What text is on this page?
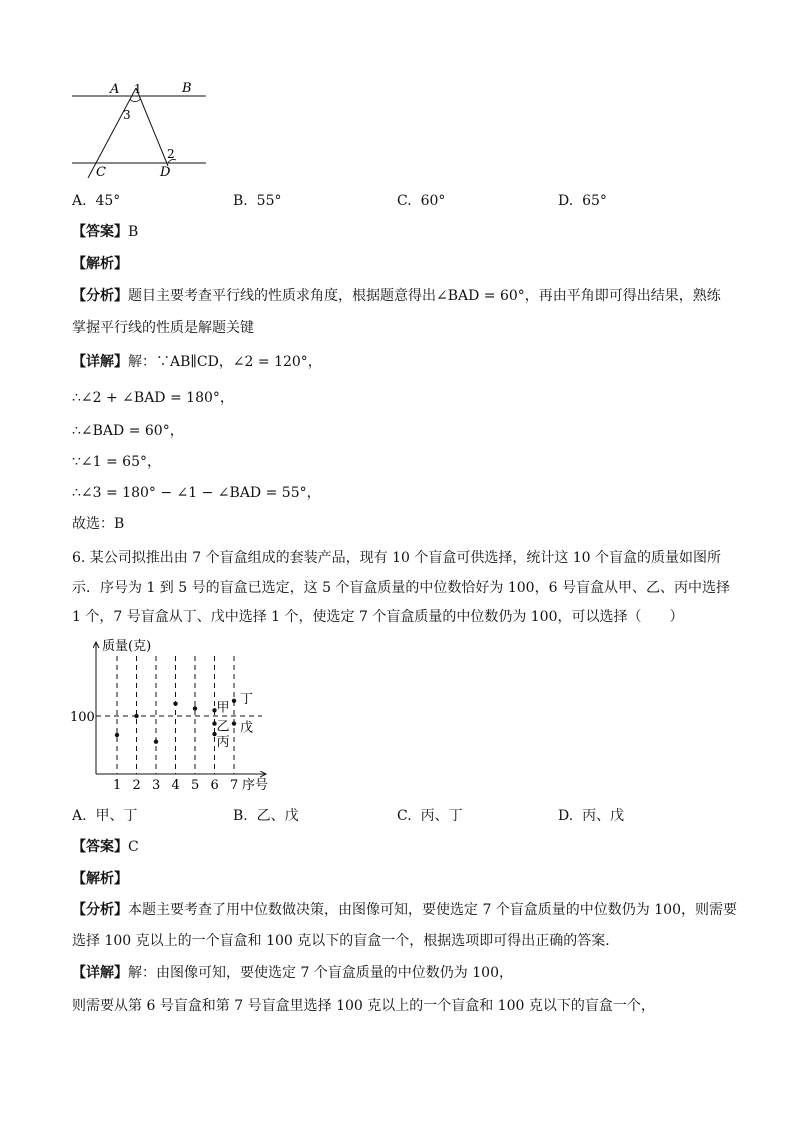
A 1	B
3
2
C	D
A. 45°	B. 55°	C. 60°	D. 65°
【答案】B
【解析】
【分析】题目主要考查平行线的性质求角度，根据题意得出∠BAD = 60°，再由平角即可得出结果，熟练
掌握平行线的性质是解题关键
【详解】解：∵AB∥CD，∠2 = 120°，
∴∠2 + ∠BAD = 180°，
∴∠BAD = 60°，
∵∠1 = 65°，
∴∠3 = 180° − ∠1 − ∠BAD = 55°，
故选：B
6. 某公司拟推出由 7 个盲盒组成的套装产品，现有 10 个盲盒可供选择，统计这 10 个盲盒的质量如图所
示．序号为 1 到 5 号的盲盒已选定，这 5 个盲盒质量的中位数恰好为 100，6 号盲盒从甲、乙、丙中选择
1 个，7 号盲盒从丁、戊中选择 1 个，使选定 7 个盲盒质量的中位数仍为 100，可以选择（　　）
质量(克)
序号
1 2 3 4 5 6 7
100
甲
乙
丙
丁
戊
A. 甲、丁	B. 乙、戊	C. 丙、丁	D. 丙、戊
【答案】C
【解析】
【分析】本题主要考查了用中位数做决策，由图像可知，要使选定 7 个盲盒质量的中位数仍为 100，则需要
选择 100 克以上的一个盲盒和 100 克以下的盲盒一个，根据选项即可得出正确的答案．
【详解】解：由图像可知，要使选定 7 个盲盒质量的中位数仍为 100，
则需要从第 6 号盲盒和第 7 号盲盒里选择 100 克以上的一个盲盒和 100 克以下的盲盒一个，
